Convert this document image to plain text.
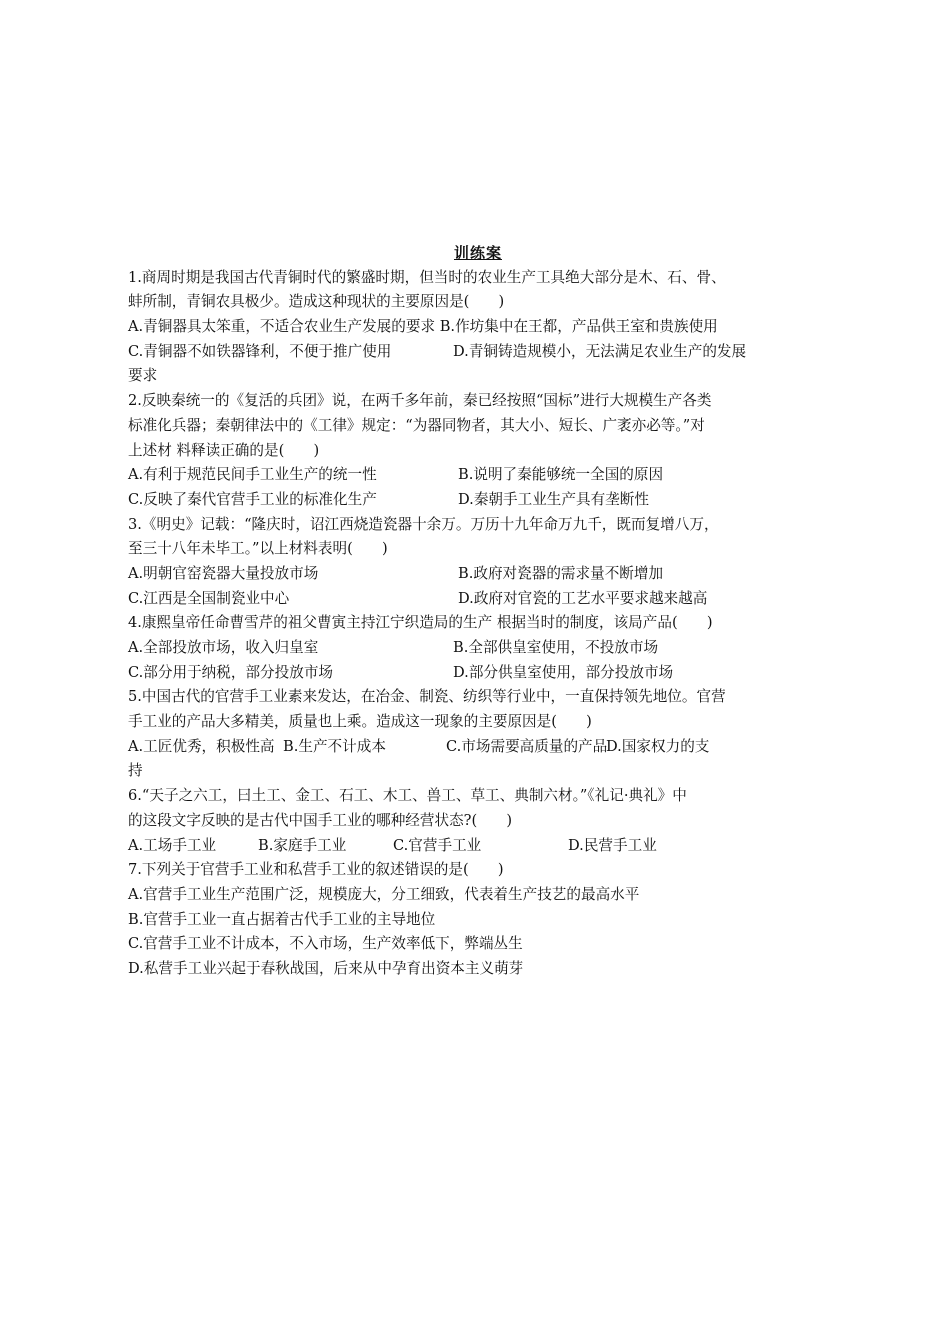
训练案
1.商周时期是我国古代青铜时代的繁盛时期，但当时的农业生产工具绝大部分是木、石、骨、
蚌所制，青铜农具极少。造成这种现状的主要原因是(　　)
A.青铜器具太笨重，不适合农业生产发展的要求 B.作坊集中在王都，产品供王室和贵族使用
C.青铜器不如铁器锋利，不便于推广使用	D.青铜铸造规模小，无法满足农业生产的发展
要求
2.反映秦统一的《复活的兵团》说，在两千多年前，秦已经按照“国标”进行大规模生产各类
标准化兵器；秦朝律法中的《工律》规定：“为器同物者，其大小、短长、广袤亦必等。”对
上述材 料释读正确的是(　　)
A.有利于规范民间手工业生产的统一性	B.说明了秦能够统一全国的原因
C.反映了秦代官营手工业的标准化生产	D.秦朝手工业生产具有垄断性
3.《明史》记载：“隆庆时，诏江西烧造瓷器十余万。万历十九年命万九千，既而复增八万，
至三十八年未毕工。”以上材料表明(　　)
A.明朝官窑瓷器大量投放市场	B.政府对瓷器的需求量不断增加
C.江西是全国制瓷业中心	D.政府对官瓷的工艺水平要求越来越高
4.康熙皇帝任命曹雪芹的祖父曹寅主持江宁织造局的生产 根据当时的制度，该局产品(　　)
A.全部投放市场，收入归皇室	B.全部供皇室使用，不投放市场
C.部分用于纳税，部分投放市场	D.部分供皇室使用，部分投放市场
5.中国古代的官营手工业素来发达，在冶金、制瓷、纺织等行业中，一直保持领先地位。官营
手工业的产品大多精美，质量也上乘。造成这一现象的主要原因是(　　)
A.工匠优秀，积极性高 B.生产不计成本	C.市场需要高质量的产品
D.国家权力的支
持
6.“天子之六工，曰土工、金工、石工、木工、兽工、草工、典制六材。”《礼记·典礼》中
的这段文字反映的是古代中国手工业的哪种经营状态?(　　)
A.工场手工业	B.家庭手工业	C.官营手工业	D.民营手工业
7.下列关于官营手工业和私营手工业的叙述错误的是(　　)
A.官营手工业生产范围广泛，规模庞大，分工细致，代表着生产技艺的最高水平
B.官营手工业一直占据着古代手工业的主导地位
C.官营手工业不计成本，不入市场，生产效率低下，弊端丛生
D.私营手工业兴起于春秋战国，后来从中孕育出资本主义萌芽
